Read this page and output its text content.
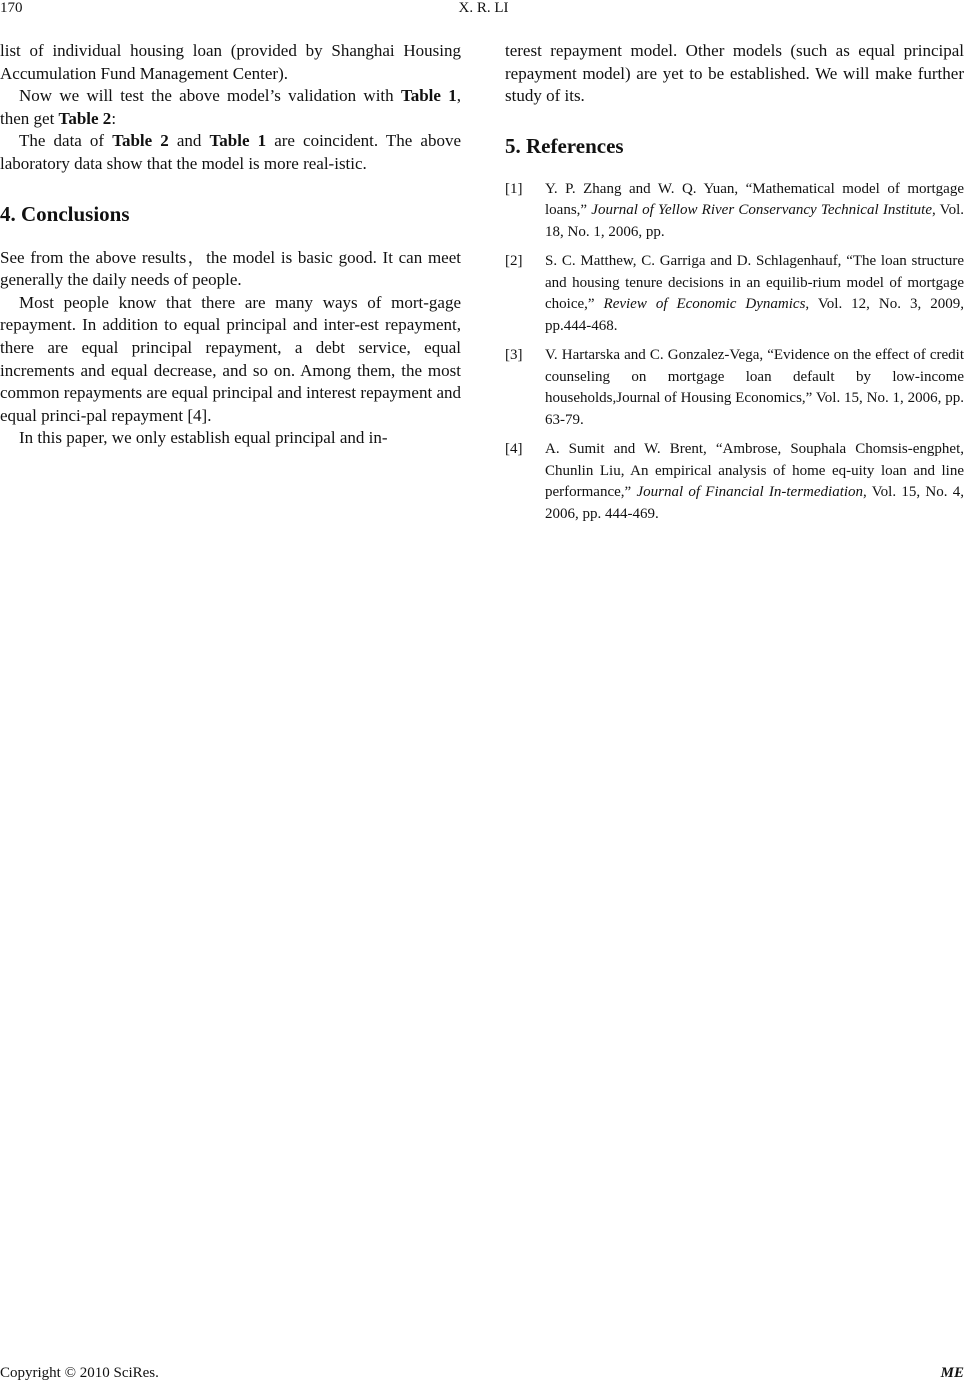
170	X. R. LI

list of individual housing loan (provided by Shanghai Housing Accumulation Fund Management Center).

Now we will test the above model’s validation with Table 1, then get Table 2:

The data of Table 2 and Table 1 are coincident. The above laboratory data show that the model is more real-istic.

4. Conclusions

See from the above results，the model is basic good. It can meet generally the daily needs of people.

Most people know that there are many ways of mort-gage repayment. In addition to equal principal and inter-est repayment, there are equal principal repayment, a debt service, equal increments and equal decrease, and so on. Among them, the most common repayments are equal principal and interest repayment and equal princi-pal repayment [4].

In this paper, we only establish equal principal and in-

terest repayment model. Other models (such as equal principal repayment model) are yet to be established. We will make further study of its.

5. References
[1]	Y. P. Zhang and W. Q. Yuan, “Mathematical model of mortgage loans,” Journal of Yellow River Conservancy Technical Institute, Vol. 18, No. 1, 2006, pp.
[2]	S. C. Matthew, C. Garriga and D. Schlagenhauf, “The loan structure and housing tenure decisions in an equilib-rium model of mortgage choice,” Review of Economic Dynamics, Vol. 12, No. 3, 2009, pp.444-468.
[3]	V. Hartarska and C. Gonzalez-Vega, “Evidence on the effect of credit counseling on mortgage loan default by low-income households,Journal of Housing Economics,” Vol. 15, No. 1, 2006, pp. 63-79.
[4]	A. Sumit and W. Brent, “Ambrose, Souphala Chomsis-engphet, Chunlin Liu, An empirical analysis of home eq-uity loan and line performance,” Journal of Financial In-termediation, Vol. 15, No. 4, 2006, pp. 444-469.
Copyright © 2010 SciRes.	ME
